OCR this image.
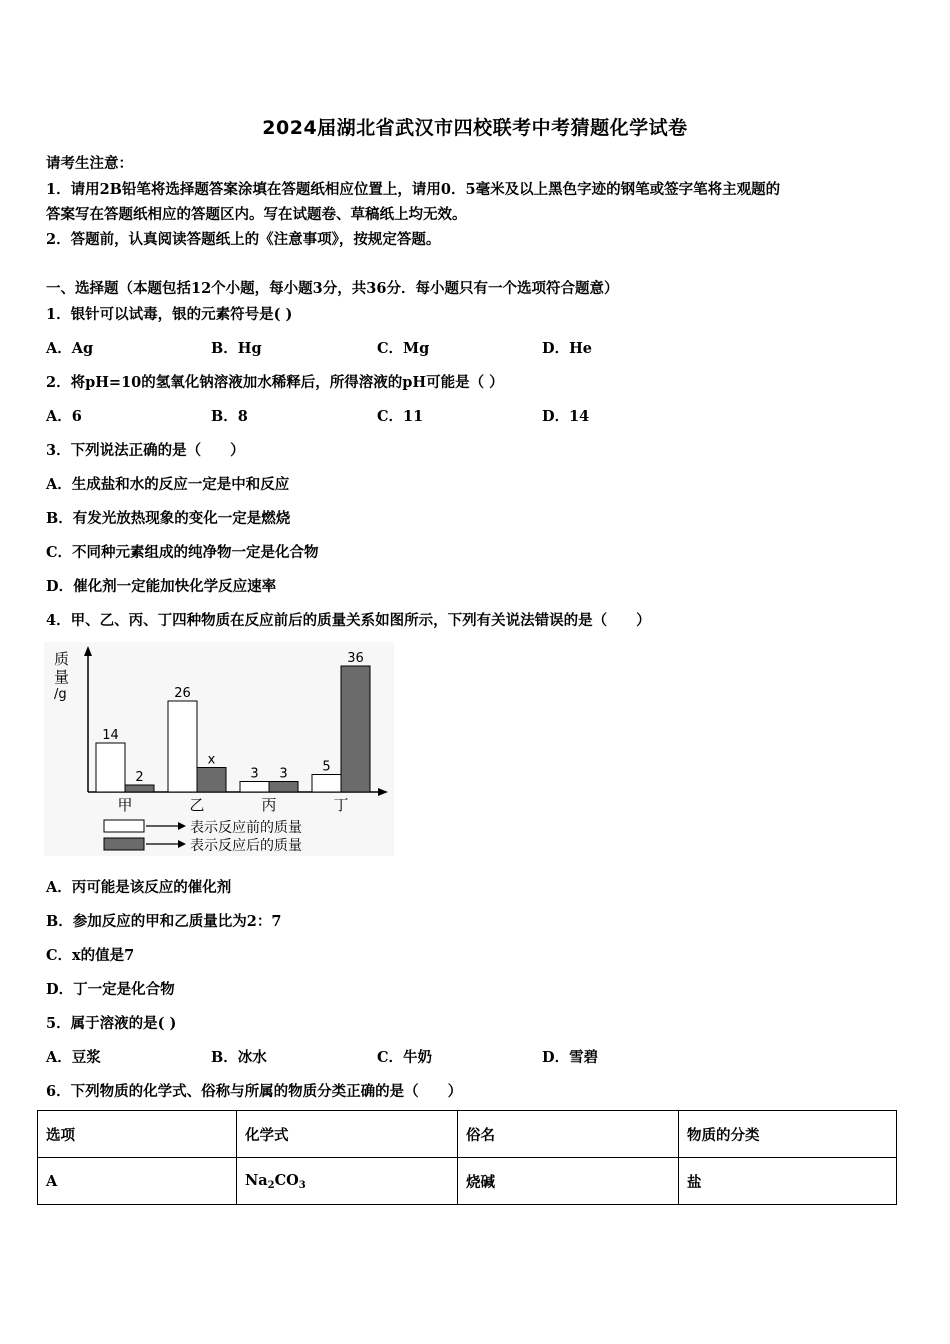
2024届湖北省武汉市四校联考中考猜题化学试卷
请考生注意：
1．请用2B铅笔将选择题答案涂填在答题纸相应位置上，请用0．5毫米及以上黑色字迹的钢笔或签字笔将主观题的
答案写在答题纸相应的答题区内。写在试题卷、草稿纸上均无效。
2．答题前，认真阅读答题纸上的《注意事项》，按规定答题。
一、选择题（本题包括12个小题，每小题3分，共36分．每小题只有一个选项符合题意）
1．银针可以试毒，银的元素符号是( )
A．Ag	B．Hg	C．Mg	D．He
2．将pH=10的氢氧化钠溶液加水稀释后，所得溶液的pH可能是（ ）
A．6	B．8	C．11	D．14
3．下列说法正确的是（　　）
A．生成盐和水的反应一定是中和反应
B．有发光放热现象的变化一定是燃烧
C．不同种元素组成的纯净物一定是化合物
D．催化剂一定能加快化学反应速率
4．甲、乙、丙、丁四种物质在反应前后的质量关系如图所示，下列有关说法错误的是（　　）
质
量
/g
14
2
26
x
3 3	5
36
甲	乙	丙	丁
表示反应前的质量
表示反应后的质量
A．丙可能是该反应的催化剂
B．参加反应的甲和乙质量比为2：7
C．x的值是7
D．丁一定是化合物
5．属于溶液的是( )
A．豆浆	B．冰水	C．牛奶	D．雪碧
6．下列物质的化学式、俗称与所属的物质分类正确的是（　　）
选项	化学式	俗名	物质的分类
A	$Na_2CO_3$	烧碱	盐
